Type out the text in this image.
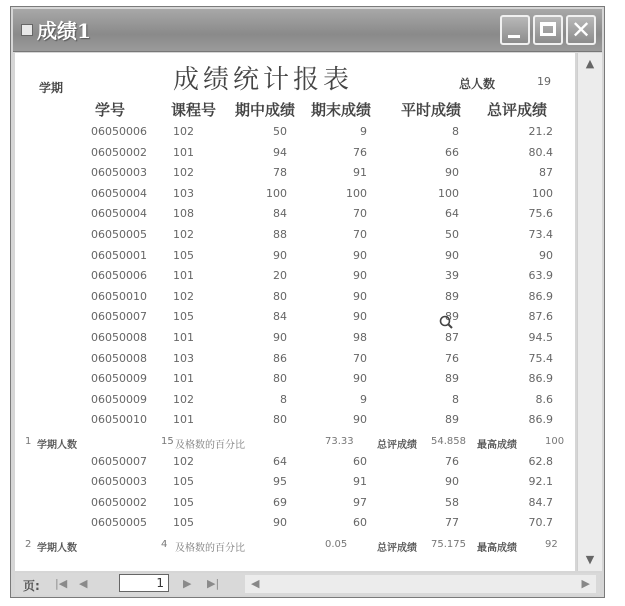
成绩1	✕
成绩统计报表
学期	总人数	19
学号	课程号 期中成绩 期末成绩 平时成绩 总评成绩
06050006 102	50	9	8	21.2
06050002 101	94	76	66	80.4
06050003 102	78	91	90	87
06050004 103	100	100	100	100
06050004 108	84	70	64	75.6
06050005 102	88	70	50	73.4
06050001 105	90	90	90	90
06050006 101	20	90	39	63.9
06050010 102	80	90	89	86.9
06050007 105	84	90	89	87.6
06050008 101	90	98	87	94.5
06050008 103	86	70	76	75.4
06050009 101	80	90	89	86.9
06050009 102	8	9	8	8.6
06050010 101	80	90	89	86.9
1 学期人数	15 及格数的百分比	73.33 总评成绩 54.858 最高成绩	100
06050007 102	64	60	76	62.8
06050003 105	95	91	90	92.1
06050002 105	69	97	58	84.7
06050005 105	90	60	77	70.7
2 学期人数	4 及格数的百分比	0.05	总评成绩 75.175 最高成绩	92
▲
▼
页: |◀ ◀	1	▶ ▶|	◀	▶
